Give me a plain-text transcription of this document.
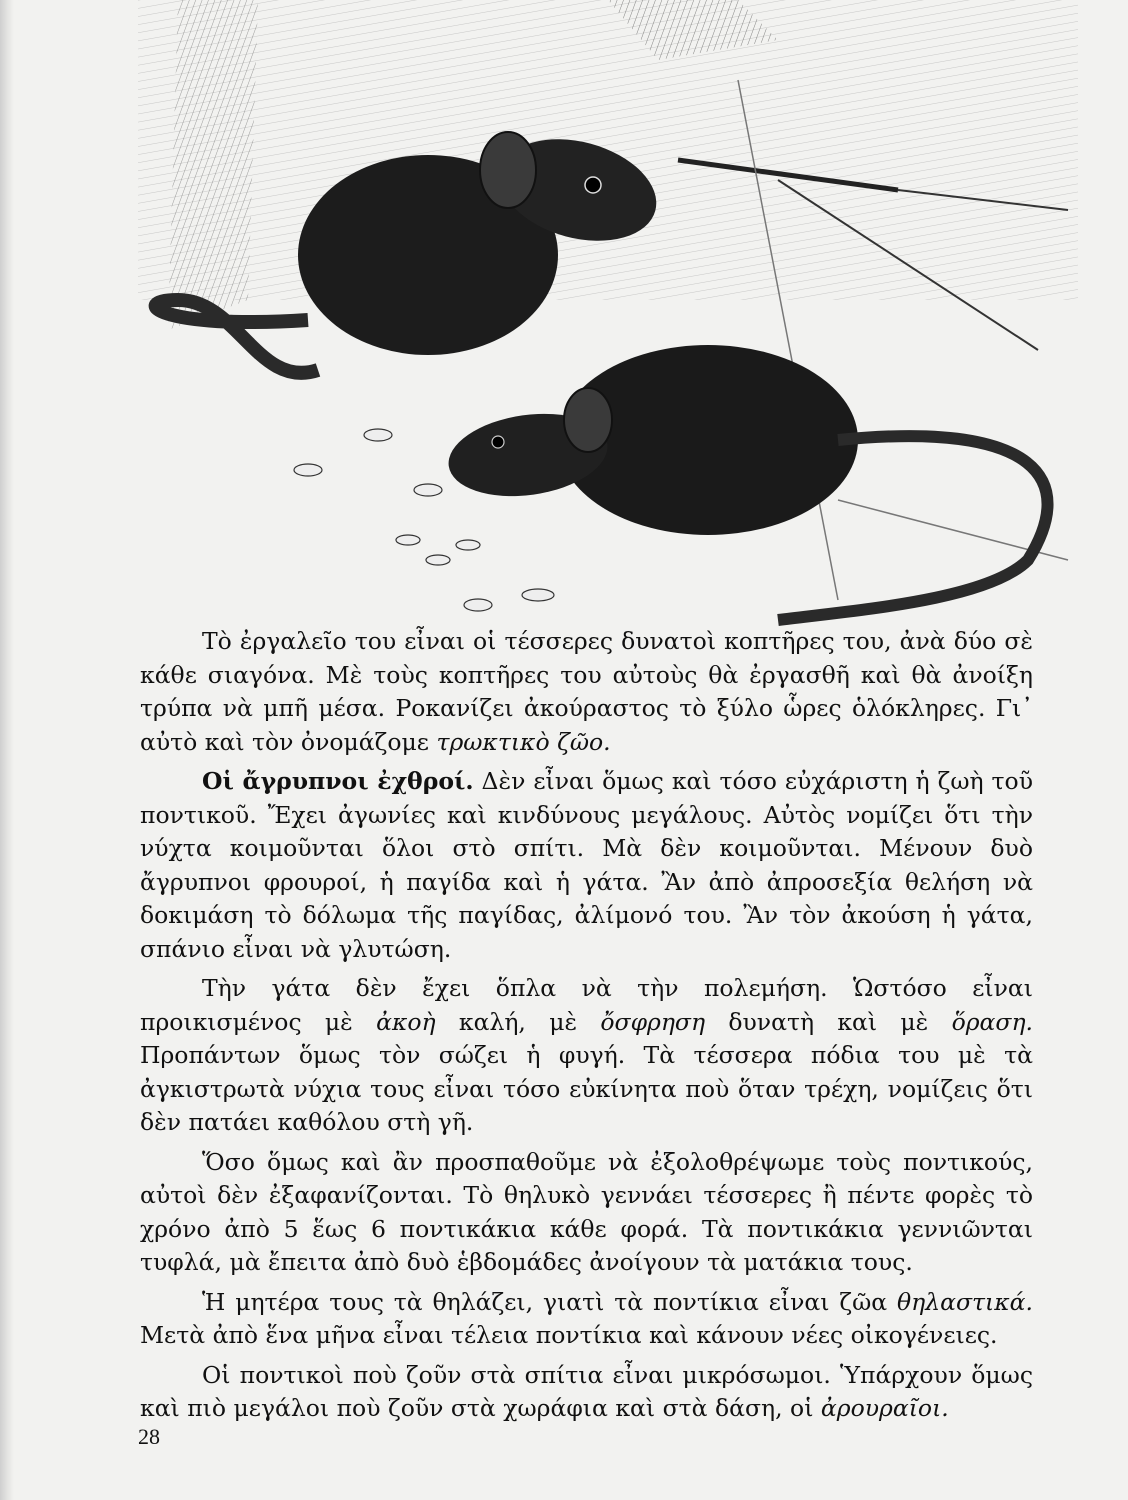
Τὸ ἐργαλεῖο του εἶναι οἱ τέσσερες δυνατοὶ κοπτῆρες του, ἀνὰ δύο σὲ κάθε σιαγόνα. Μὲ τοὺς κοπτῆρες του αὐτοὺς θὰ ἐργασθῆ καὶ θὰ ἀνοίξη τρύπα νὰ μπῆ μέσα. Ροκανίζει ἀκούραστος τὸ ξύλο ὧρες ὁλόκληρες. Γι᾽ αὐτὸ καὶ τὸν ὀνομάζομε τρωκτικὸ ζῶο.

Οἱ ἄγρυπνοι ἐχθροί. Δὲν εἶναι ὅμως καὶ τόσο εὐχάριστη ἡ ζωὴ τοῦ ποντικοῦ. Ἔχει ἀγωνίες καὶ κινδύνους μεγάλους. Αὐτὸς νομίζει ὅτι τὴν νύχτα κοιμοῦνται ὅλοι στὸ σπίτι. Μὰ δὲν κοιμοῦνται. Μένουν δυὸ ἄγρυπνοι φρουροί, ἡ παγίδα καὶ ἡ γάτα. Ἂν ἀπὸ ἀπροσεξία θελήση νὰ δοκιμάση τὸ δόλωμα τῆς παγίδας, ἀλίμονό του. Ἂν τὸν ἀκούση ἡ γάτα, σπάνιο εἶναι νὰ γλυτώση.

Τὴν γάτα δὲν ἔχει ὅπλα νὰ τὴν πολεμήση. Ὡστόσο εἶναι προικισμένος μὲ ἀκοὴ καλή, μὲ ὄσφρηση δυνατὴ καὶ μὲ ὅραση. Προπάντων ὅμως τὸν σώζει ἡ φυγή. Τὰ τέσσερα πόδια του μὲ τὰ ἀγκιστρωτὰ νύχια τους εἶναι τόσο εὐκίνητα ποὺ ὅταν τρέχη, νομίζεις ὅτι δὲν πατάει καθόλου στὴ γῆ.

Ὅσο ὅμως καὶ ἂν προσπαθοῦμε νὰ ἐξολοθρέψωμε τοὺς ποντικούς, αὐτοὶ δὲν ἐξαφανίζονται. Τὸ θηλυκὸ γεννάει τέσσερες ἢ πέντε φορὲς τὸ χρόνο ἀπὸ 5 ἕως 6 ποντικάκια κάθε φορά. Τὰ ποντικάκια γεννιῶνται τυφλά, μὰ ἔπειτα ἀπὸ δυὸ ἑβδομάδες ἀνοίγουν τὰ ματάκια τους.

Ἡ μητέρα τους τὰ θηλάζει, γιατὶ τὰ ποντίκια εἶναι ζῶα θηλαστικά. Μετὰ ἀπὸ ἕνα μῆνα εἶναι τέλεια ποντίκια καὶ κάνουν νέες οἰκογένειες.

Οἱ ποντικοὶ ποὺ ζοῦν στὰ σπίτια εἶναι μικρόσωμοι. Ὑπάρχουν ὅμως καὶ πιὸ μεγάλοι ποὺ ζοῦν στὰ χωράφια καὶ στὰ δάση, οἱ ἀρουραῖοι.

28
